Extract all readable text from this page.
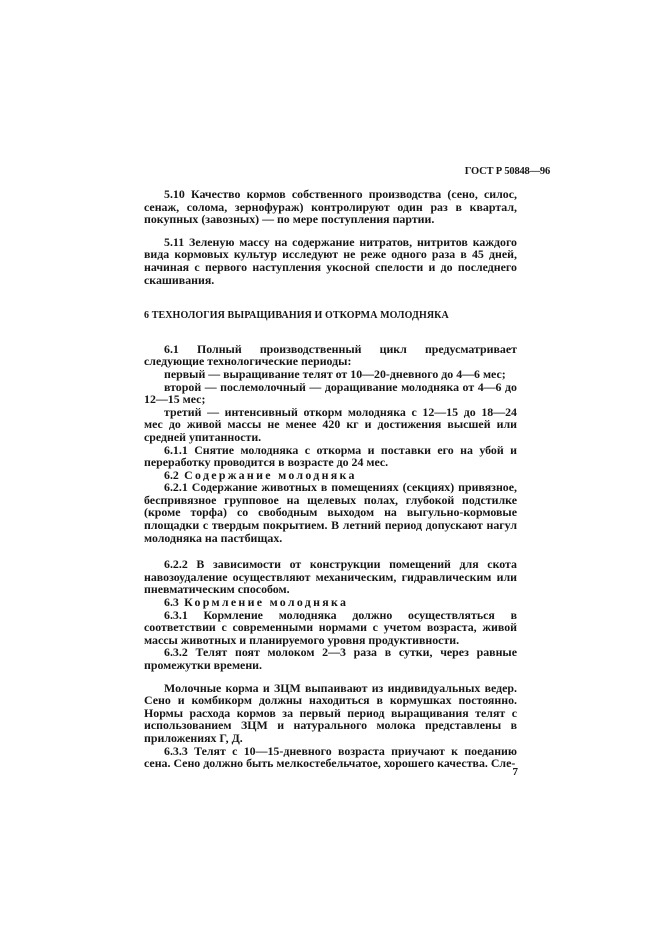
ГОСТ Р 50848—96

5.10 Качество кормов собственного производства (сено, силос, сенаж, солома, зернофураж) контролируют один раз в квартал, покупных (завозных) — по мере поступления партии.

5.11 Зеленую массу на содержание нитратов, нитритов каждого вида кормовых культур исследуют не реже одного раза в 45 дней, начиная с первого наступления укосной спелости и до последнего скашивания.

6 ТЕХНОЛОГИЯ ВЫРАЩИВАНИЯ И ОТКОРМА МОЛОДНЯКА

6.1 Полный производственный цикл предусматривает следующие технологические периоды:

первый — выращивание телят от 10—20-дневного до 4—6 мес;

второй — послемолочный — доращивание молодняка от 4—6 до 12—15 мес;

третий — интенсивный откорм молодняка с 12—15 до 18—24 мес до живой массы не менее 420 кг и достижения высшей или средней упитанности.

6.1.1 Снятие молодняка с откорма и поставки его на убой и переработку проводится в возрасте до 24 мес.

6.2 Содержание молодняка

6.2.1 Содержание животных в помещениях (секциях) привязное, беспривязное групповое на щелевых полах, глубокой подстилке (кроме торфа) со свободным выходом на выгульно-кормовые площадки с твердым покрытием. В летний период допускают нагул молодняка на пастбищах.

6.2.2 В зависимости от конструкции помещений для скота навозоудаление осуществляют механическим, гидравлическим или пневматическим способом.

6.3 Кормление молодняка

6.3.1 Кормление молодняка должно осуществляться в соответствии с современными нормами с учетом возраста, живой массы животных и планируемого уровня продуктивности.

6.3.2 Телят поят молоком 2—3 раза в сутки, через равные промежутки времени.

Молочные корма и ЗЦМ выпаивают из индивидуальных ведер. Сено и комбикорм должны находиться в кормушках постоянно. Нормы расхода кормов за первый период выращивания телят с использованием ЗЦМ и натурального молока представлены в приложениях Г, Д.

6.3.3 Телят с 10—15-дневного возраста приучают к поеданию сена. Сено должно быть мелкостебельчатое, хорошего качества. Сле-

7
